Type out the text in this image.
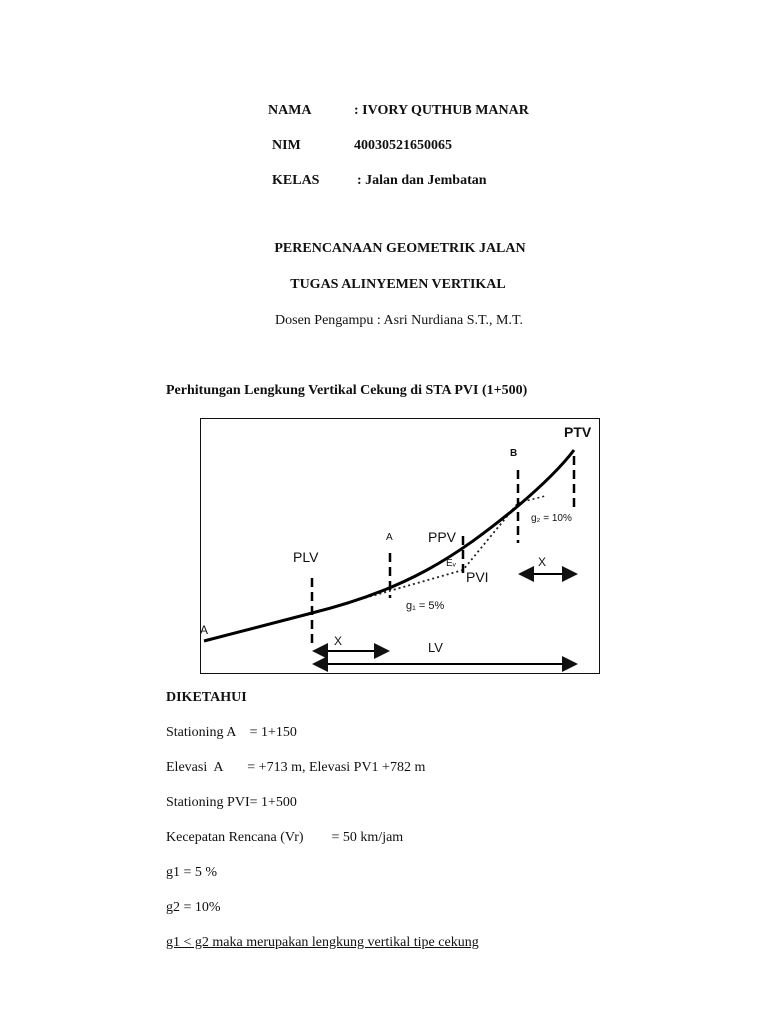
NAMA	: IVORY QUTHUB MANAR
NIM	40030521650065
KELAS	: Jalan dan Jembatan
PERENCANAAN GEOMETRIK JALAN
TUGAS ALINYEMEN VERTIKAL
Dosen Pengampu : Asri Nurdiana S.T., M.T.
Perhitungan Lengkung Vertikal Cekung di STA PVI (1+500)
PTV
B
g₂ = 10%
A	PPV
Eᵥ
PVI
PLV	X
g₁ = 5%
A
X	LV
DIKETAHUI
Stationing A    = 1+150
Elevasi  A       = +713 m, Elevasi PV1 +782 m
Stationing PVI= 1+500
Kecepatan Rencana (Vr)        = 50 km/jam
g1 = 5 %
g2 = 10%
g1 < g2 maka merupakan lengkung vertikal tipe cekung
